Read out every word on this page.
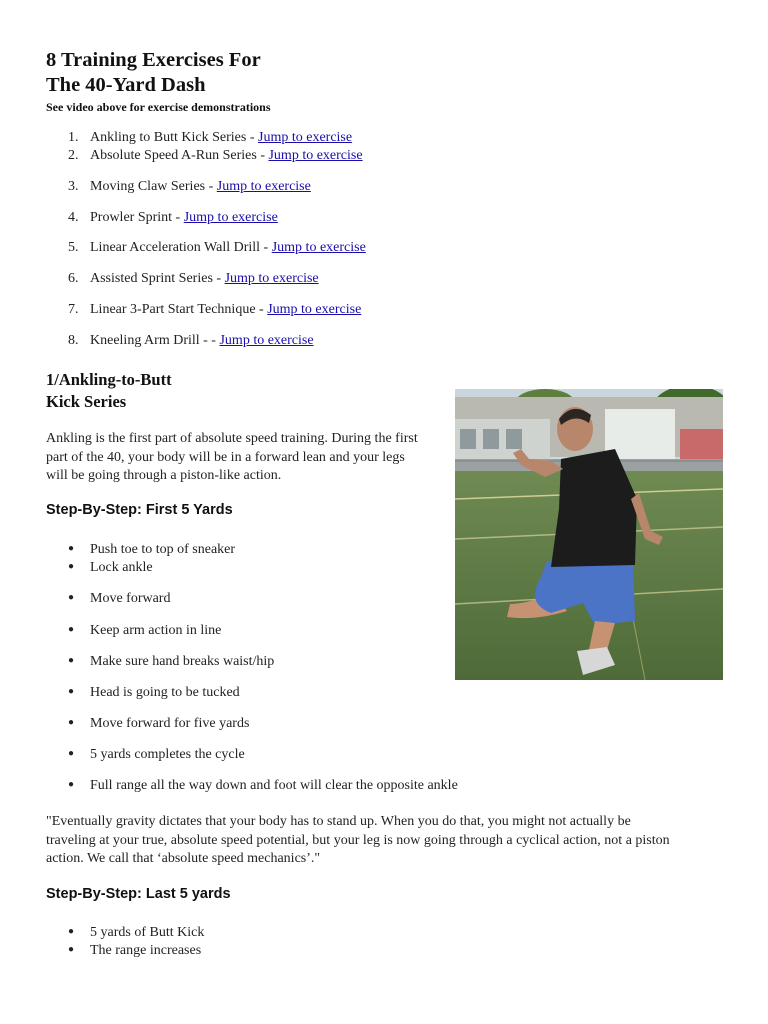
8 Training Exercises For
The 40-Yard Dash

See video above for exercise demonstrations

1. Ankling to Butt Kick Series - Jump to exercise
2. Absolute Speed A-Run Series - Jump to exercise
3. Moving Claw Series - Jump to exercise
4. Prowler Sprint - Jump to exercise
5. Linear Acceleration Wall Drill - Jump to exercise
6. Assisted Sprint Series - Jump to exercise
7. Linear 3-Part Start Technique - Jump to exercise
8. Kneeling Arm Drill - - Jump to exercise
1/Ankling-to-Butt
Kick Series

Ankling is the first part of absolute speed training. During the first
part of the 40, your body will be in a forward lean and your legs
will be going through a piston-like action.

Step-By-Step: First 5 Yards
● Push toe to top of sneaker
● Lock ankle
● Move forward
● Keep arm action in line
● Make sure hand breaks waist/hip
● Head is going to be tucked
● Move forward for five yards
● 5 yards completes the cycle
● Full range all the way down and foot will clear the opposite ankle

"Eventually gravity dictates that your body has to stand up. When you do that, you might not actually be
traveling at your true, absolute speed potential, but your leg is now going through a cyclical action, not a piston
action. We call that ‘absolute speed mechanics’."

Step-By-Step: Last 5 yards
● 5 yards of Butt Kick
● The range increases
